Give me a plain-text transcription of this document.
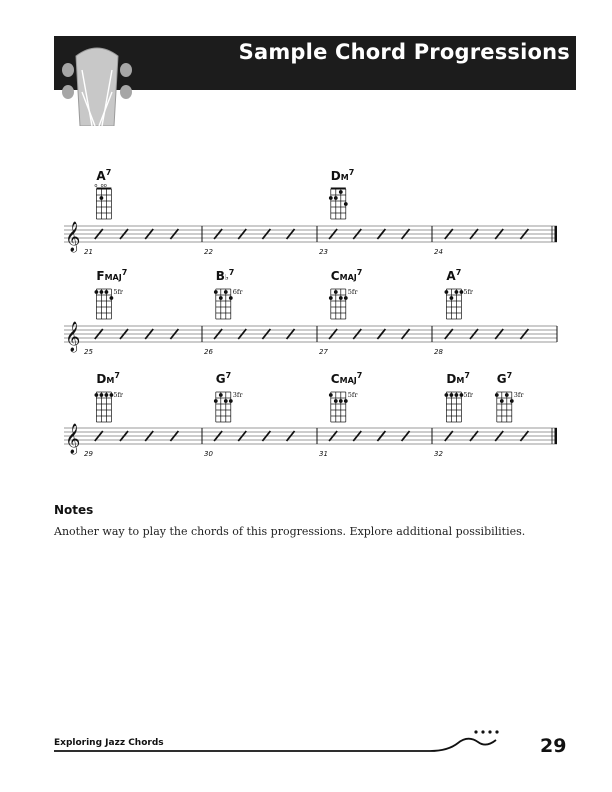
Sample Chord Progressions
𝄞 21	22	23	24
$A^7$
o  oo
$DM^7$
𝄞 25	26	27	28
FMAJ$^7$
5fr
B♭$^7$
6fr
CMAJ$^7$
5fr
$A^7$
5fr
𝄞 29	30	31	32
$DM^7$
5fr
$G^7$
3fr
CMAJ$^7$
5fr
$DM^7$
5fr
$G^7$
3fr
Notes
Another way to play the chords of this progressions. Explore additional possibilities.
Exploring Jazz Chords	29
